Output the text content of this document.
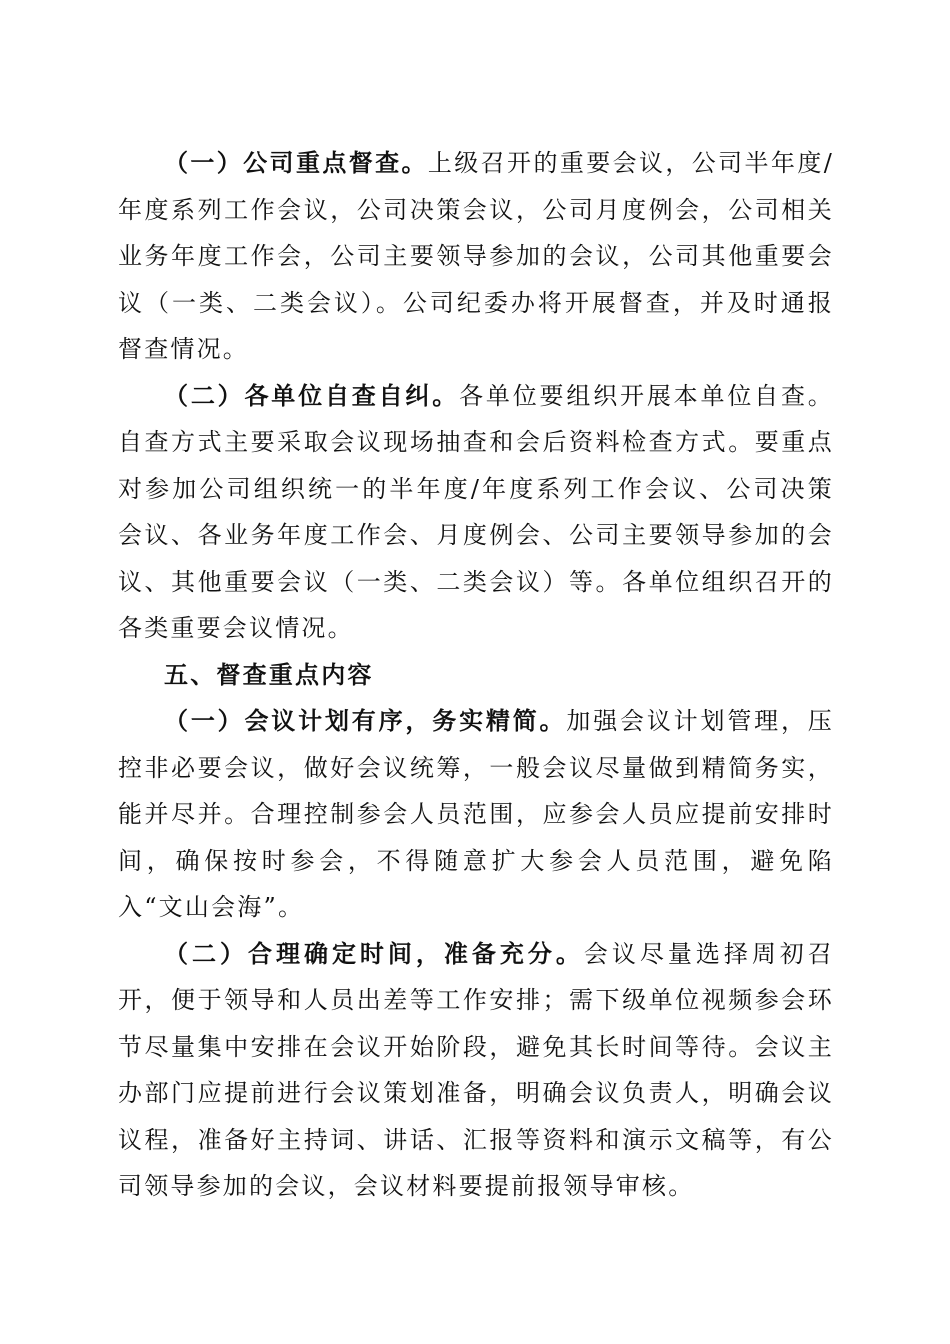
（一）公司重点督查。上级召开的重要会议，公司半年度/年度系列工作会议，公司决策会议，公司月度例会，公司相关业务年度工作会，公司主要领导参加的会议，公司其他重要会议（一类、二类会议）。公司纪委办将开展督查，并及时通报督查情况。

（二）各单位自查自纠。各单位要组织开展本单位自查。自查方式主要采取会议现场抽查和会后资料检查方式。要重点对参加公司组织统一的半年度/年度系列工作会议、公司决策会议、各业务年度工作会、月度例会、公司主要领导参加的会议、其他重要会议（一类、二类会议）等。各单位组织召开的各类重要会议情况。

五、督查重点内容

（一）会议计划有序，务实精简。加强会议计划管理，压控非必要会议，做好会议统筹，一般会议尽量做到精简务实，能并尽并。合理控制参会人员范围，应参会人员应提前安排时间，确保按时参会，不得随意扩大参会人员范围，避免陷入“文山会海”。

（二）合理确定时间，准备充分。会议尽量选择周初召开，便于领导和人员出差等工作安排；需下级单位视频参会环节尽量集中安排在会议开始阶段，避免其长时间等待。会议主办部门应提前进行会议策划准备，明确会议负责人，明确会议议程，准备好主持词、讲话、汇报等资料和演示文稿等，有公司领导参加的会议，会议材料要提前报领导审核。
